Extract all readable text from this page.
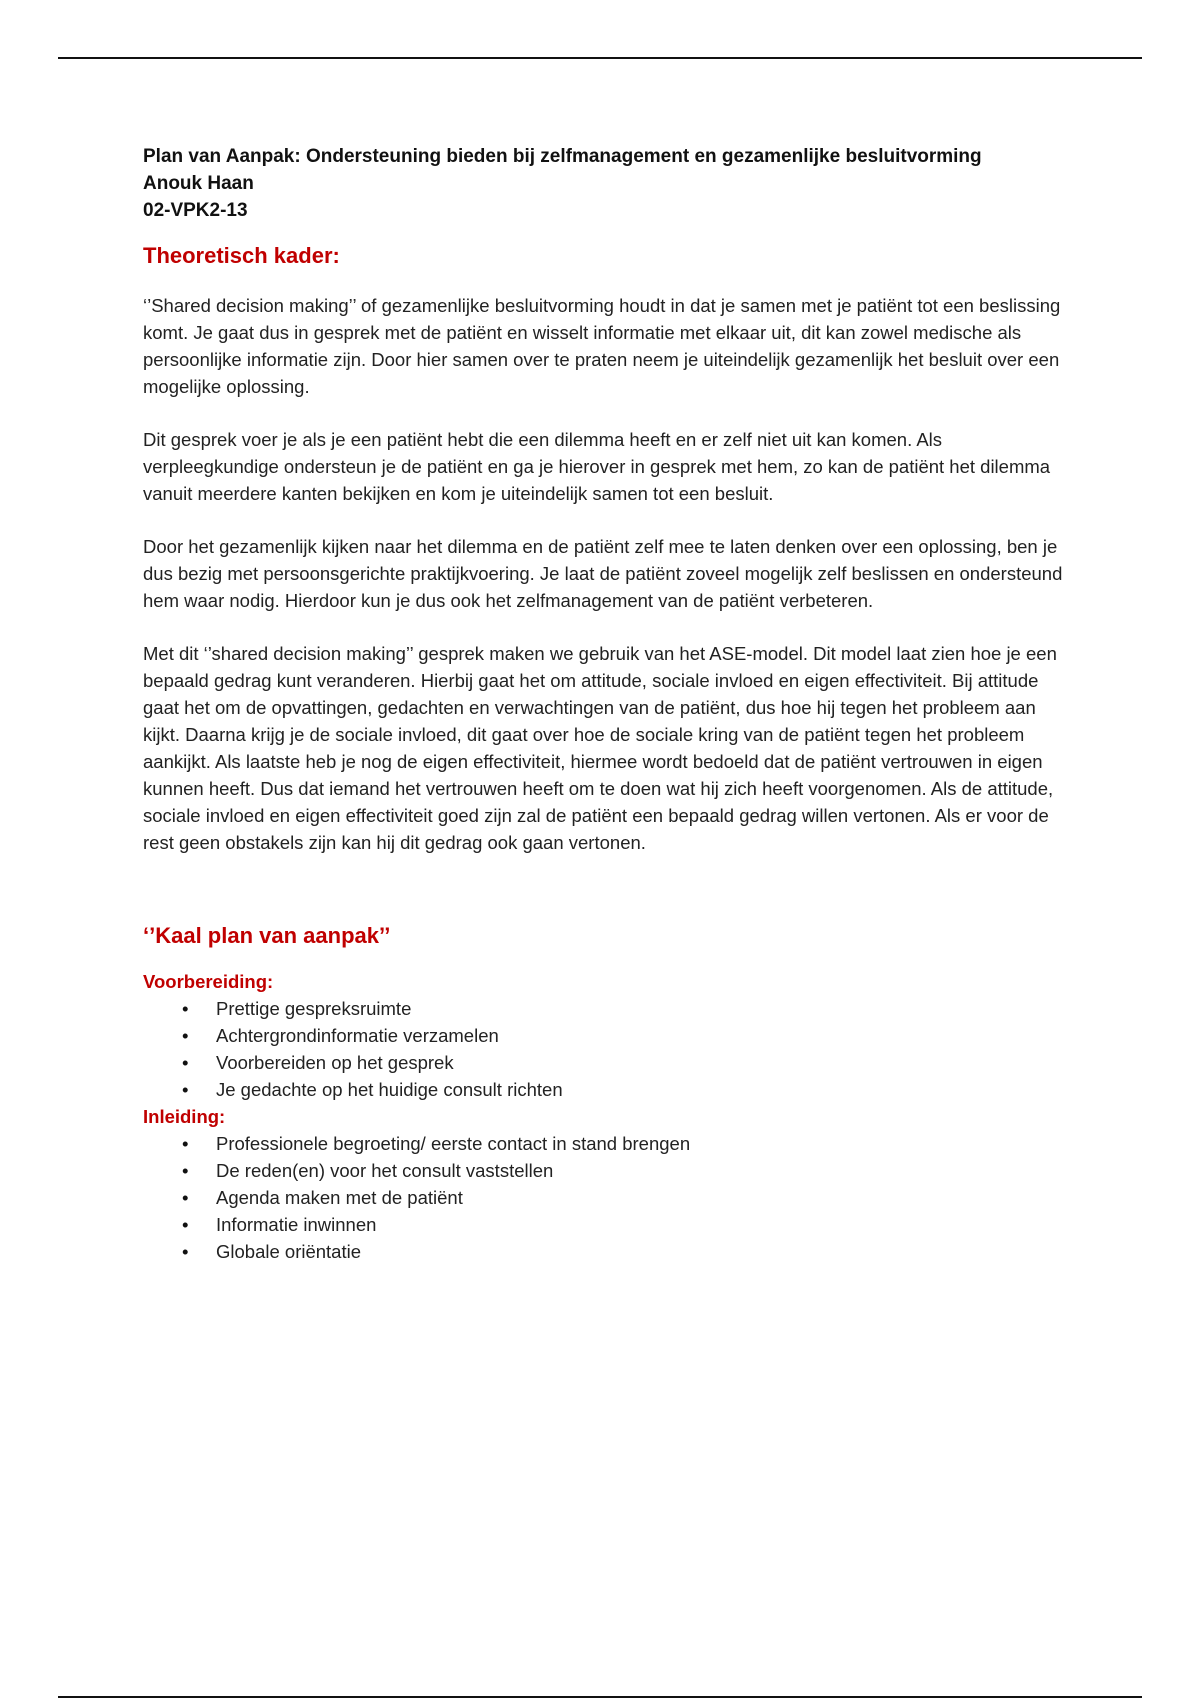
Plan van Aanpak: Ondersteuning bieden bij zelfmanagement en gezamenlijke besluitvorming

Anouk Haan

02-VPK2-13

Theoretisch kader:

‘’Shared decision making’’ of gezamenlijke besluitvorming houdt in dat je samen met je patiënt tot een beslissing komt. Je gaat dus in gesprek met de patiënt en wisselt informatie met elkaar uit, dit kan zowel medische als persoonlijke informatie zijn. Door hier samen over te praten neem je uiteindelijk gezamenlijk het besluit over een mogelijke oplossing.

Dit gesprek voer je als je een patiënt hebt die een dilemma heeft en er zelf niet uit kan komen. Als verpleegkundige ondersteun je de patiënt en ga je hierover in gesprek met hem, zo kan de patiënt het dilemma vanuit meerdere kanten bekijken en kom je uiteindelijk samen tot een besluit.

Door het gezamenlijk kijken naar het dilemma en de patiënt zelf mee te laten denken over een oplossing, ben je dus bezig met persoonsgerichte praktijkvoering. Je laat de patiënt zoveel mogelijk zelf beslissen en ondersteund hem waar nodig. Hierdoor kun je dus ook het zelfmanagement van de patiënt verbeteren.

Met dit ‘’shared decision making’’ gesprek maken we gebruik van het ASE-model. Dit model laat zien hoe je een bepaald gedrag kunt veranderen. Hierbij gaat het om attitude, sociale invloed en eigen effectiviteit. Bij attitude gaat het om de opvattingen, gedachten en verwachtingen van de patiënt, dus hoe hij tegen het probleem aan kijkt. Daarna krijg je de sociale invloed, dit gaat over hoe de sociale kring van de patiënt tegen het probleem aankijkt. Als laatste heb je nog de eigen effectiviteit, hiermee wordt bedoeld dat de patiënt vertrouwen in eigen kunnen heeft. Dus dat iemand het vertrouwen heeft om te doen wat hij zich heeft voorgenomen. Als de attitude, sociale invloed en eigen effectiviteit goed zijn zal de patiënt een bepaald gedrag willen vertonen. Als er voor de rest geen obstakels zijn kan hij dit gedrag ook gaan vertonen.

‘’Kaal plan van aanpak’’
Voorbereiding:
• Prettige gespreksruimte
• Achtergrondinformatie verzamelen
• Voorbereiden op het gesprek
• Je gedachte op het huidige consult richten
Inleiding:
• Professionele begroeting/ eerste contact in stand brengen
• De reden(en) voor het consult vaststellen
• Agenda maken met de patiënt
• Informatie inwinnen
• Globale oriëntatie
